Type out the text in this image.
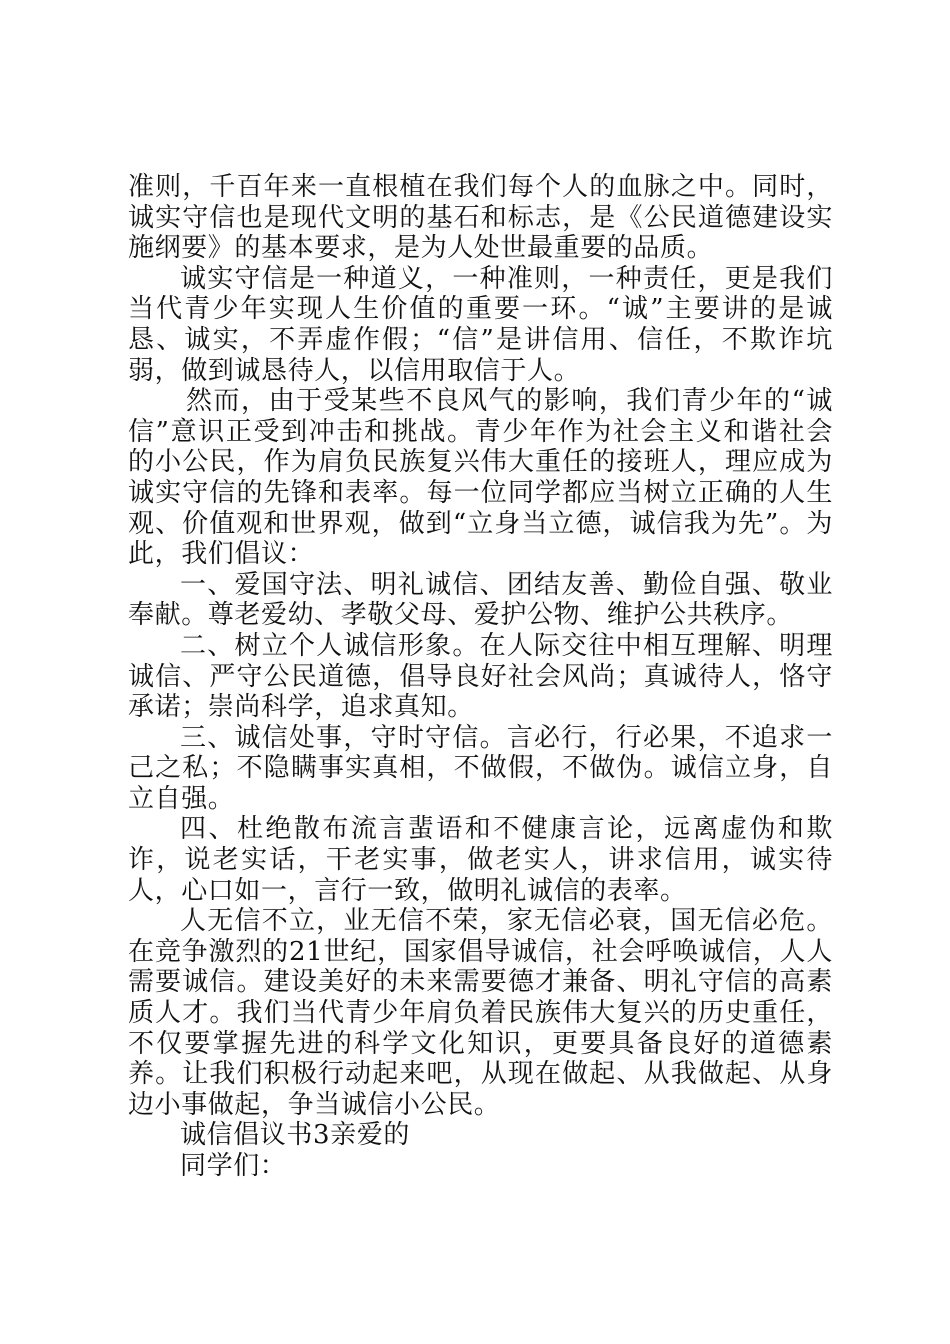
准则，千百年来一直根植在我们每个人的血脉之中。同时，诚实守信也是现代文明的基石和标志，是《公民道德建设实施纲要》的基本要求，是为人处世最重要的品质。

诚实守信是一种道义，一种准则，一种责任，更是我们当代青少年实现人生价值的重要一环。“诚”主要讲的是诚恳、诚实，不弄虚作假；“信”是讲信用、信任，不欺诈坑弱，做到诚恳待人，以信用取信于人。

然而，由于受某些不良风气的影响，我们青少年的“诚信”意识正受到冲击和挑战。青少年作为社会主义和谐社会的小公民，作为肩负民族复兴伟大重任的接班人，理应成为诚实守信的先锋和表率。每一位同学都应当树立正确的人生观、价值观和世界观，做到“立身当立德，诚信我为先”。为此，我们倡议：

一、爱国守法、明礼诚信、团结友善、勤俭自强、敬业奉献。尊老爱幼、孝敬父母、爱护公物、维护公共秩序。

二、树立个人诚信形象。在人际交往中相互理解、明理诚信、严守公民道德，倡导良好社会风尚；真诚待人，恪守承诺；崇尚科学，追求真知。

三、诚信处事，守时守信。言必行，行必果，不追求一己之私；不隐瞒事实真相，不做假，不做伪。诚信立身，自立自强。

四、杜绝散布流言蜚语和不健康言论，远离虚伪和欺诈，说老实话，干老实事，做老实人，讲求信用，诚实待人，心口如一，言行一致，做明礼诚信的表率。

人无信不立，业无信不荣，家无信必衰，国无信必危。在竞争激烈的21世纪，国家倡导诚信，社会呼唤诚信，人人需要诚信。建设美好的未来需要德才兼备、明礼守信的高素质人才。我们当代青少年肩负着民族伟大复兴的历史重任，不仅要掌握先进的科学文化知识，更要具备良好的道德素养。让我们积极行动起来吧，从现在做起、从我做起、从身边小事做起，争当诚信小公民。

诚信倡议书3亲爱的

同学们：
